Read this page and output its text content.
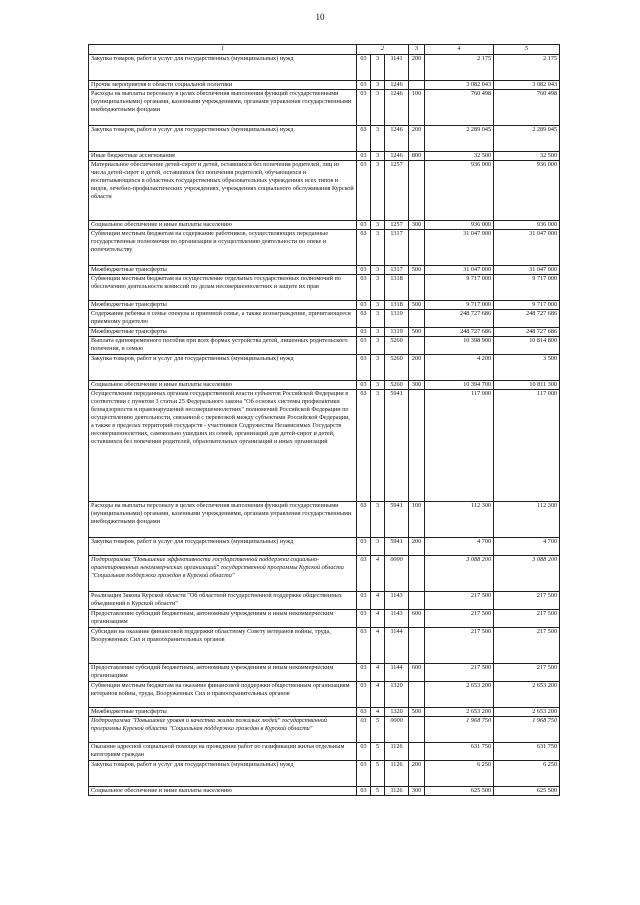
10
1	2			3	4	5
Закупка товаров, работ и услуг для государственных (муниципальных) нужд	03	3	1141	200	2 175	2 175
Прочие мероприятия в области социальной политики	03	3	1246		3 082 043	3 082 043
Расходы на выплаты персоналу в целях обеспечения выполнения функций государственными (муниципальными) органами, казенными учреждениями, органами управления государственными внебюджетными фондами	03	3	1246	100	760 498	760 498
Закупка товаров, работ и услуг для государственных (муниципальных) нужд	03	3	1246	200	2 289 045	2 289 045
Иные бюджетные ассигнования	03	3	1246	800	32 500	32 500
Материальное обеспечение детей-сирот и детей, оставшихся без попечения родителей, лиц из числа детей-сирот и детей, оставшихся без попечения родителей, обучающихся и воспитывающихся в областных государственных образовательных учреждениях всех типов и видов, лечебно-профилактических учреждениях, учреждениях социального обслуживания Курской области	03	3	1257		936 000	936 000
Социальное обеспечение и иные выплаты населению	03	3	1257	300	936 000	936 000
Субвенции местным бюджетам на содержание работников, осуществляющих переданные государственные полномочия по организации и осуществлению деятельности по опеке и попечительству	03	3	1317		31 047 000	31 047 000
Межбюджетные трансферты	03	3	1317	500	31 047 000	31 047 000
Субвенции местным бюджетам на осуществление отдельных государственных полномочий по обеспечению деятельности комиссий по делам несовершеннолетних и защите их прав	03	3	1318		9 717 000	9 717 000
Межбюджетные трансферты	03	3	1318	500	9 717 000	9 717 000
Содержание ребенка в семье опекуна и приемной семье, а также вознаграждение, причитающееся приемному родителю	03	3	1319		248 727 686	248 727 686
Межбюджетные трансферты	03	3	1319	500	248 727 686	248 727 686
Выплата единовременного пособия при всех формах устройства детей, лишенных родительского попечения, в семью	03	3	5260		10 398 900	10 814 800
Закупка товаров, работ и услуг для государственных (муниципальных) нужд	03	3	5260	200	4 200	3 500
Социальное обеспечение и иные выплаты населению	03	3	5260	300	10 394 700	10 811 300
Осуществление переданных органам государственной власти субъектов Российской Федерации в соответствии с пунктом 3 статьи 25 Федерального закона "Об основах системы профилактики безнадзорности и правонарушений несовершеннолетних" полномочий Российской Федерации по осуществлению деятельности, связанной с перевозкой между субъектами Российской Федерации, а также в пределах территорий государств - участников Содружества Независимых Государств несовершеннолетних, самовольно ушедших из семей, организаций для детей-сирот и детей, оставшихся без попечения родителей, образовательных организаций и иных организаций	03	3	5941		117 000	117 000
Расходы на выплаты персоналу в целях обеспечения выполнения функций государственными (муниципальными) органами, казенными учреждениями, органами управления государственными внебюджетными фондами	03	3	5941	100	112 300	112 300
Закупка товаров, работ и услуг для государственных (муниципальных) нужд	03	3	5941	200	4 700	4 700
Подпрограмма "Повышение эффективности государственной поддержки социально-ориентированных некоммерческих организаций" государственной программы Курской области "Социальная поддержка граждан в Курской области"	03	4	0000		3 088 200	3 088 200
Реализация Закона Курской области "Об областной государственной поддержке общественных объединений в Курской области"	03	4	1143		217 500	217 500
Предоставление субсидий бюджетным, автономным учреждениям и иным некоммерческим организациям	03	4	1143	600	217 500	217 500
Субсидии на оказание финансовой поддержки областному Совету ветеранов войны, труда, Вооруженных Сил и правоохранительных органов	03	4	1144		217 500	217 500
Предоставление субсидий бюджетным, автономным учреждениям и иным некоммерческим организациям	03	4	1144	600	217 500	217 500
Субвенции местным бюджетам на оказание финансовой поддержки общественным организациям ветеранов войны, труда, Вооруженных Сил и правоохранительных органов	03	4	1320		2 653 200	2 653 200
Межбюджетные трансферты	03	4	1320	500	2 653 200	2 653 200
Подпрограмма "Повышение уровня и качества жизни пожилых людей" государственной программы Курской области "Социальная поддержка граждан в Курской области"	03	5	0000		1 968 750	1 968 750
Оказание адресной социальной помощи на проведение работ по газификации жилья отдельным категориям граждан	03	5	1126		631 750	631 750
Закупка товаров, работ и услуг для государственных (муниципальных) нужд	03	5	1126	200	6 250	6 250
Социальное обеспечение и иные выплаты населению	03	5	1126	300	625 500	625 500
